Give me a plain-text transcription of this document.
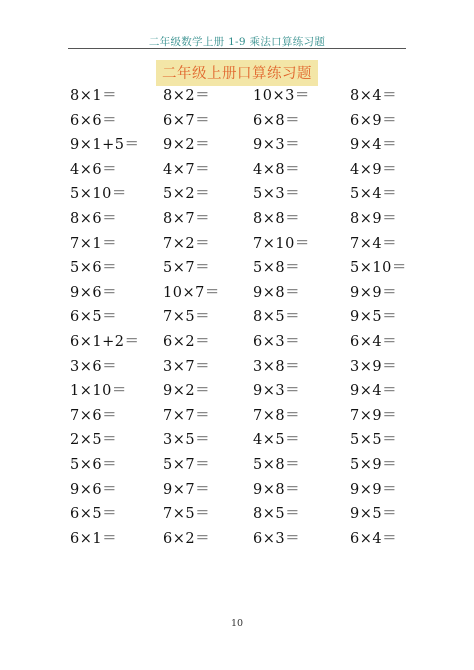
二年级数学上册 1-9 乘法口算练习题
二年级上册口算练习题
8×1＝	8×2＝	10×3＝	8×4＝
6×6＝	6×7＝	6×8＝	6×9＝
9×1+5＝ 9×2＝	9×3＝	9×4＝
4×6＝	4×7＝	4×8＝	4×9＝
5×10＝ 5×2＝	5×3＝	5×4＝
8×6＝	8×7＝	8×8＝	8×9＝
7×1＝	7×2＝	7×10＝	7×4＝
5×6＝	5×7＝	5×8＝	5×10＝
9×6＝	10×7＝ 9×8＝	9×9＝
6×5＝	7×5＝	8×5＝	9×5＝
6×1+2＝ 6×2＝	6×3＝	6×4＝
3×6＝	3×7＝	3×8＝	3×9＝
1×10＝ 9×2＝	9×3＝	9×4＝
7×6＝	7×7＝	7×8＝	7×9＝
2×5＝	3×5＝	4×5＝	5×5＝
5×6＝	5×7＝	5×8＝	5×9＝
9×6＝	9×7＝	9×8＝	9×9＝
6×5＝	7×5＝	8×5＝	9×5＝
6×1＝	6×2＝	6×3＝	6×4＝
10
